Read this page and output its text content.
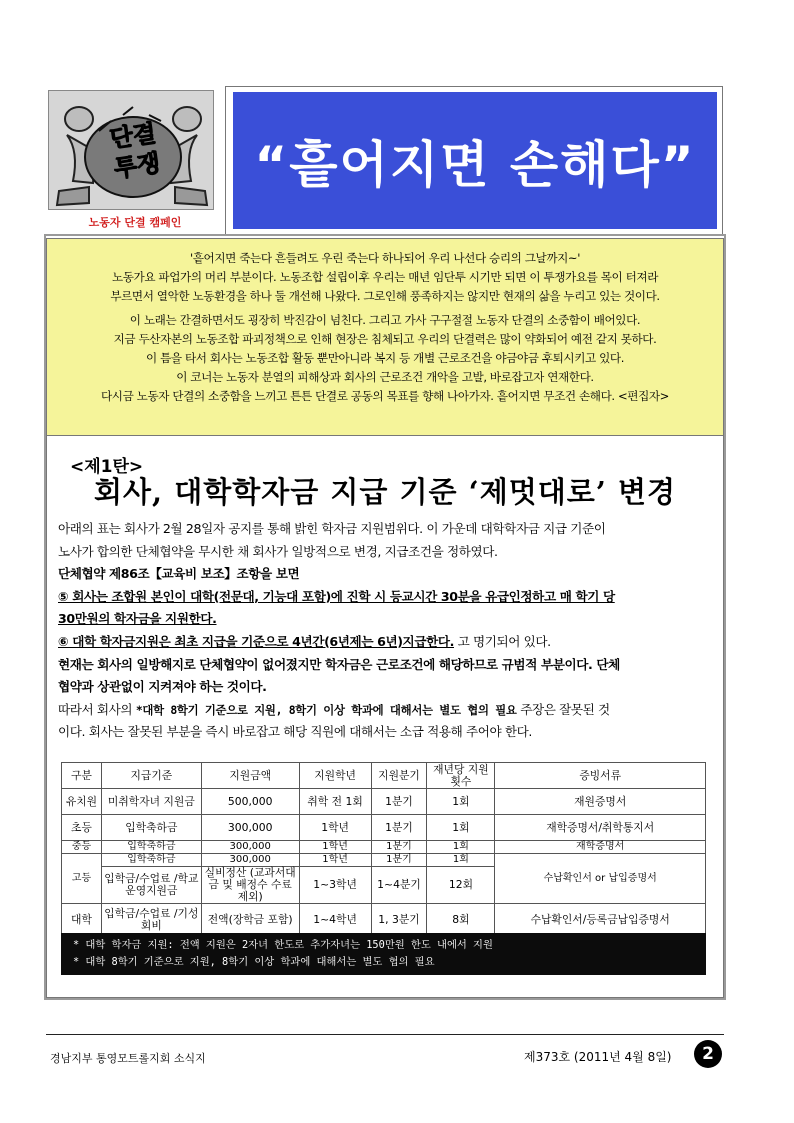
단결
투쟁
노동자 단결 캠페인
“흩어지면 손해다”

'흩어지면 죽는다 흔들려도 우린 죽는다 하나되어 우리 나선다 승리의 그날까지~'

노동가요 파업가의 머리 부분이다. 노동조합 설립이후 우리는 매년 임단투 시기만 되면 이 투쟁가요를 목이 터져라

부르면서 열악한 노동환경을 하나 둘 개선해 나왔다. 그로인해 풍족하지는 않지만 현재의 삶을 누리고 있는 것이다.

이 노래는 간결하면서도 굉장히 박진감이 넘친다. 그리고 가사 구구절절 노동자 단결의 소중함이 배어있다.

지금 두산자본의 노동조합 파괴정책으로 인해 현장은 침체되고 우리의 단결력은 많이 약화되어 예전 같지 못하다.

이 틈을 타서 회사는 노동조합 활동 뿐만아니라 복지 등 개별 근로조건을 야금야금 후퇴시키고 있다.

이 코너는 노동자 분열의 피해상과 회사의 근로조건 개악을 고발, 바로잡고자 연재한다.

다시금 노동자 단결의 소중함을 느끼고 튼튼 단결로 공동의 목표를 향해 나아가자. 흩어지면 무조건 손해다. <편집자>

<제1탄>
회사, 대학학자금 지급 기준 ‘제멋대로’ 변경
아래의 표는 회사가 2월 28일자 공지를 통해 밝힌 학자금 지원범위다. 이 가운데 대학학자금 지급 기준이
노사가 합의한 단체협약을 무시한 채 회사가 일방적으로 변경, 지급조건을 정하였다.
단체협약 제86조【교육비 보조】조항을 보면
⑤ 회사는 조합원 본인이 대학(전문대, 기능대 포함)에 진학 시 등교시간 30분을 유급인정하고 매 학기 당
30만원의 학자금을 지원한다.
⑥ 대학 학자금지원은 최초 지급을 기준으로 4년간(6년제는 6년)지급한다. 고 명기되어 있다.
현재는 회사의 일방해지로 단체협약이 없어졌지만 학자금은 근로조건에 해당하므로 규범적 부분이다. 단체
협약과 상관없이 지켜져야 하는 것이다.
따라서 회사의 *대학 8학기 기준으로 지원, 8학기 이상 학과에 대해서는 별도 협의 필요 주장은 잘못된 것
이다. 회사는 잘못된 부분을 즉시 바로잡고 해당 직원에 대해서는 소급 적용해 주어야 한다.
구분	지급기준	지원금액	지원학년	지원분기	재년당 지원횟수	증빙서류
유치원	미취학자녀 지원금	500,000	취학 전 1회	1분기	1회	재원증명서
초등	입학축하금	300,000	1학년	1분기	1회	재학증명서/취학통지서
중등	입학축하금	300,000	1학년	1분기	1회	재학증명서
고등	입학축하금	300,000	1학년	1분기	1회	수납확인서 or 납입증명서
	입학금/수업료 /학교운영지원금	실비정산 (교과서대금 및 배정수 수료 제외)	1~3학년	1~4분기	12회	
대학	입학금/수업료 /기성회비	전액(장학금 포함)	1~4학년	1, 3분기	8회	수납확인서/등록금납입증명서
* 대학 학자금 지원: 전액 지원은 2자녀 한도로 추가자녀는 150만원 한도 내에서 지원
* 대학 8학기 기준으로 지원, 8학기 이상 학과에 대해서는 별도 협의 필요
경남지부 통영모트롤지회 소식지	제373호 (2011년 4월 8일)	2
